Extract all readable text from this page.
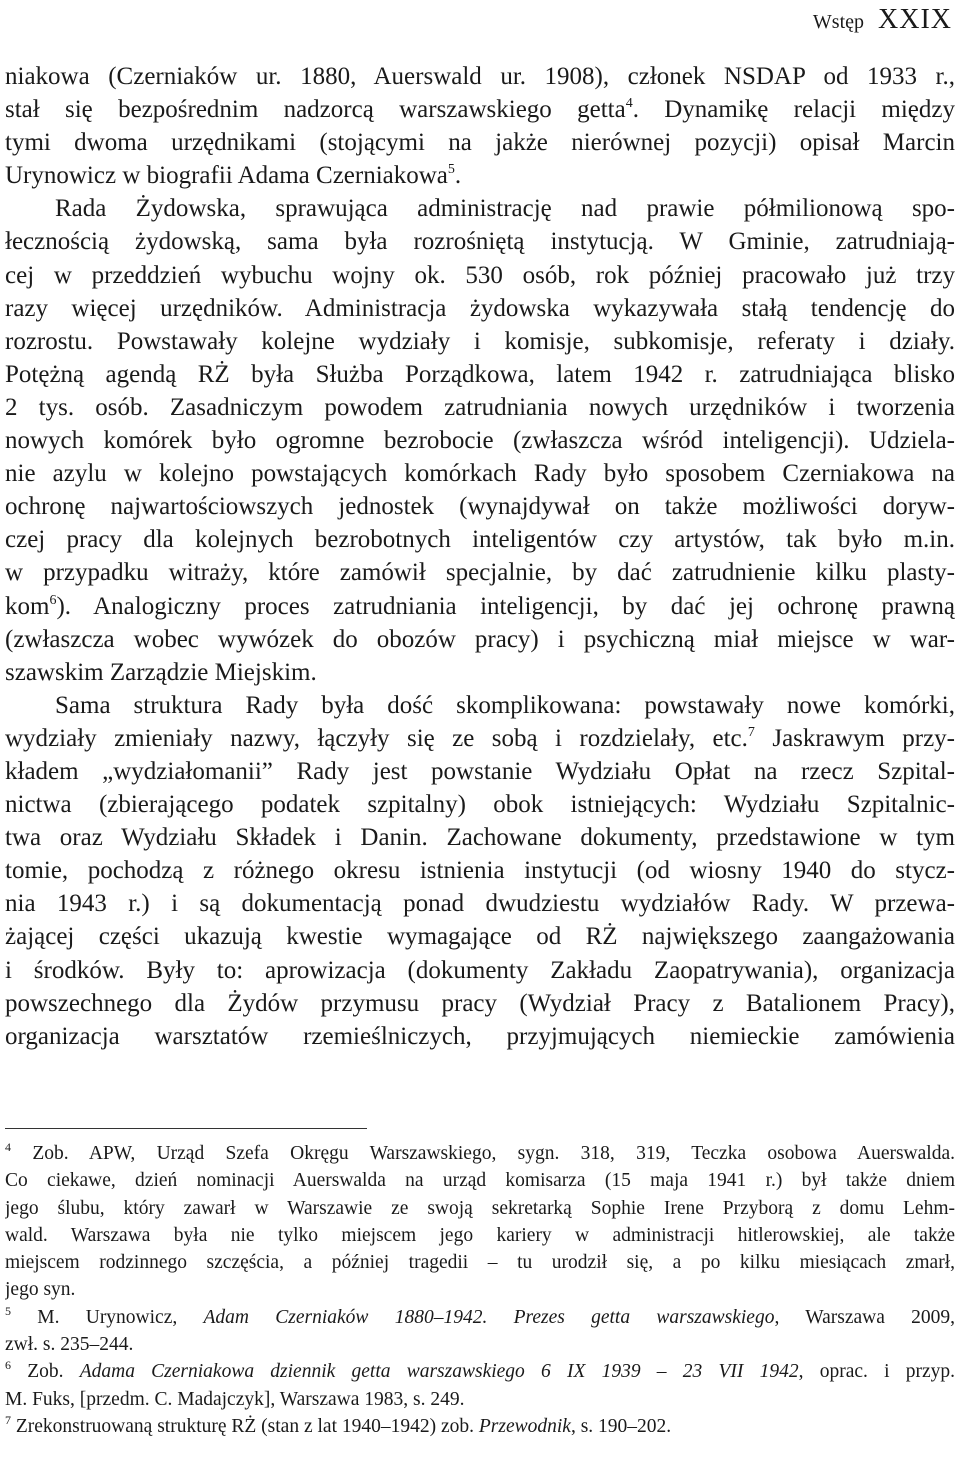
Wstęp XXIX
niakowa (Czerniaków ur. 1880, Auerswald ur. 1908), członek NSDAP od 1933 r.,
stał się bezpośrednim nadzorcą warszawskiego getta$^4$. Dynamikę relacji między
tymi dwoma urzędnikami (stojącymi na jakże nierównej pozycji) opisał Marcin
Urynowicz w biografii Adama Czerniakowa$^5$.
Rada Żydowska, sprawująca administrację nad prawie półmilionową spo-
łecznością żydowską, sama była rozrośniętą instytucją. W Gminie, zatrudniają-
cej w przeddzień wybuchu wojny ok. 530 osób, rok później pracowało już trzy
razy więcej urzędników. Administracja żydowska wykazywała stałą tendencję do
rozrostu. Powstawały kolejne wydziały i komisje, subkomisje, referaty i działy.
Potężną agendą RŻ była Służba Porządkowa, latem 1942 r. zatrudniająca blisko
2 tys. osób. Zasadniczym powodem zatrudniania nowych urzędników i tworzenia
nowych komórek było ogromne bezrobocie (zwłaszcza wśród inteligencji). Udziela-
nie azylu w kolejno powstających komórkach Rady było sposobem Czerniakowa na
ochronę najwartościowszych jednostek (wynajdywał on także możliwości doryw-
czej pracy dla kolejnych bezrobotnych inteligentów czy artystów, tak było m.in.
w przypadku witraży, które zamówił specjalnie, by dać zatrudnienie kilku plasty-
kom$^6$). Analogiczny proces zatrudniania inteligencji, by dać jej ochronę prawną
(zwłaszcza wobec wywózek do obozów pracy) i psychiczną miał miejsce w war-
szawskim Zarządzie Miejskim.
Sama struktura Rady była dość skomplikowana: powstawały nowe komórki,
wydziały zmieniały nazwy, łączyły się ze sobą i rozdzielały, etc.$^7$ Jaskrawym przy-
kładem „wydziałomanii” Rady jest powstanie Wydziału Opłat na rzecz Szpital-
nictwa (zbierającego podatek szpitalny) obok istniejących: Wydziału Szpitalnic-
twa oraz Wydziału Składek i Danin. Zachowane dokumenty, przedstawione w tym
tomie, pochodzą z różnego okresu istnienia instytucji (od wiosny 1940 do stycz-
nia 1943 r.) i są dokumentacją ponad dwudziestu wydziałów Rady. W przewa-
żającej części ukazują kwestie wymagające od RŻ największego zaangażowania
i środków. Były to: aprowizacja (dokumenty Zakładu Zaopatrywania), organizacja
powszechnego dla Żydów przymusu pracy (Wydział Pracy z Batalionem Pracy),
organizacja warsztatów rzemieślniczych, przyjmujących niemieckie zamówienia
$^4$ Zob. APW, Urząd Szefa Okręgu Warszawskiego, sygn. 318, 319, Teczka osobowa Auerswalda.
Co ciekawe, dzień nominacji Auerswalda na urząd komisarza (15 maja 1941 r.) był także dniem
jego ślubu, który zawarł w Warszawie ze swoją sekretarką Sophie Irene Przyborą z domu Lehm-
wald. Warszawa była nie tylko miejscem jego kariery w administracji hitlerowskiej, ale także
miejscem rodzinnego szczęścia, a później tragedii – tu urodził się, a po kilku miesiącach zmarł,
jego syn.
$^5$ M. Urynowicz, Adam Czerniaków 1880–1942. Prezes getta warszawskiego, Warszawa 2009,
zwł. s. 235–244.
$^6$ Zob. Adama Czerniakowa dziennik getta warszawskiego 6 IX 1939 – 23 VII 1942, oprac. i przyp.
M. Fuks, [przedm. C. Madajczyk], Warszawa 1983, s. 249.
$^7$ Zrekonstruowaną strukturę RŻ (stan z lat 1940–1942) zob. Przewodnik, s. 190–202.
